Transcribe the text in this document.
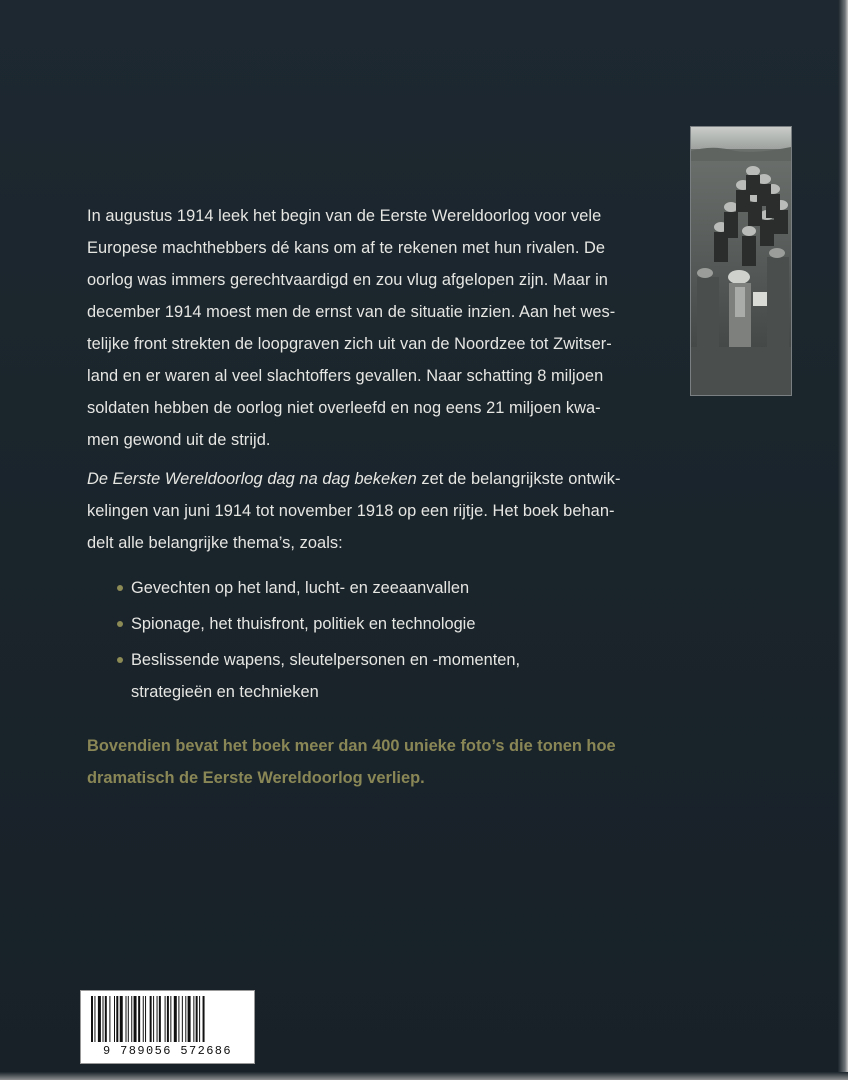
In augustus 1914 leek het begin van de Eerste Wereldoorlog voor vele
Europese machthebbers dé kans om af te rekenen met hun rivalen. De
oorlog was immers gerechtvaardigd en zou vlug afgelopen zijn. Maar in
december 1914 moest men de ernst van de situatie inzien. Aan het wes-
telijke front strekten de loopgraven zich uit van de Noordzee tot Zwitser-
land en er waren al veel slachtoffers gevallen. Naar schatting 8 miljoen
soldaten hebben de oorlog niet overleefd en nog eens 21 miljoen kwa-
men gewond uit de strijd.
De Eerste Wereldoorlog dag na dag bekeken zet de belangrijkste ontwik-
kelingen van juni 1914 tot november 1918 op een rijtje. Het boek behan-
delt alle belangrijke thema’s, zoals:
Gevechten op het land, lucht- en zeeaanvallen
Spionage, het thuisfront, politiek en technologie
Beslissende wapens, sleutelpersonen en -momenten,
strategieën en technieken
Bovendien bevat het boek meer dan 400 unieke foto’s die tonen hoe
dramatisch de Eerste Wereldoorlog verliep.
9 789056 572686
